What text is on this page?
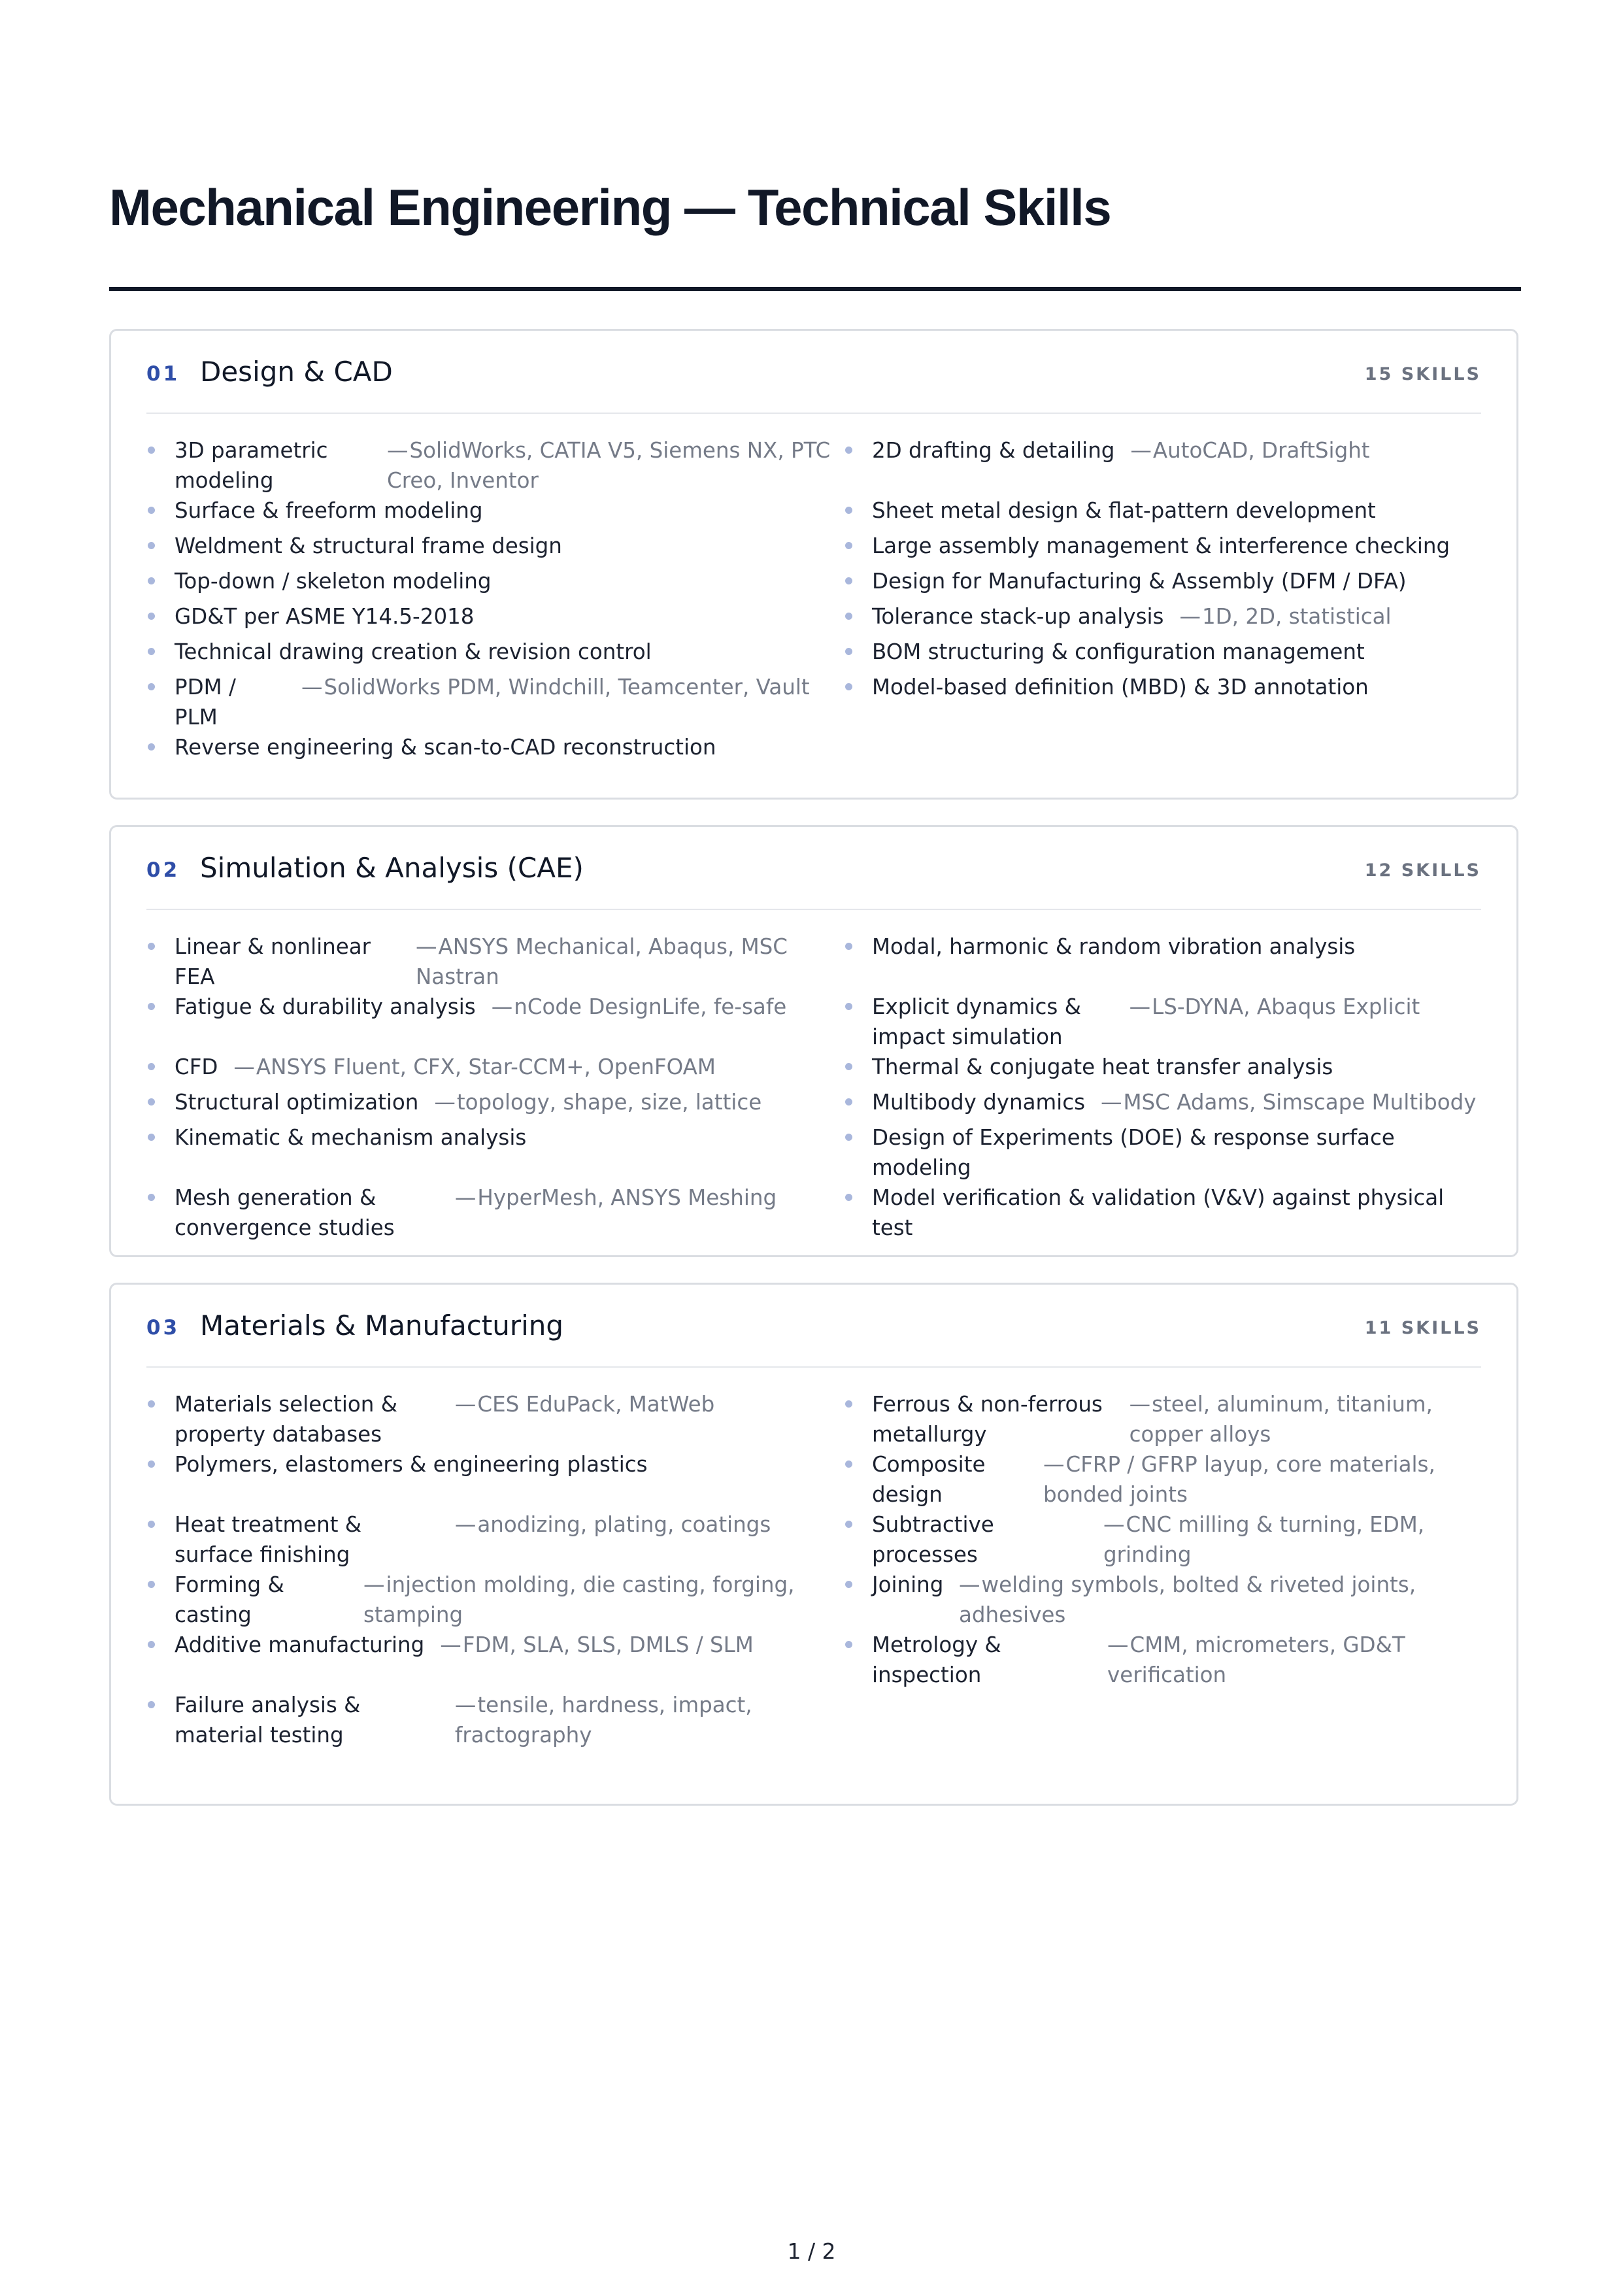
Mechanical Engineering — Technical Skills
01 Design & CAD	15 SKILLS
3D parametric modeling
— SolidWorks, CATIA V5, Siemens NX, PTC Creo, Inventor
2D drafting & detailing	— AutoCAD, DraftSight
Surface & freeform modeling	Sheet metal design & flat-pattern development
Weldment & structural frame design	Large assembly management & interference checking
Top-down / skeleton modeling	Design for Manufacturing & Assembly (DFM / DFA)
GD&T per ASME Y14.5-2018	Tolerance stack-up analysis	— 1D, 2D, statistical
Technical drawing creation & revision control	BOM structuring & configuration management
PDM / PLM
— SolidWorks PDM, Windchill, Teamcenter, Vault	Model-based definition (MBD) & 3D annotation
Reverse engineering & scan-to-CAD reconstruction
02 Simulation & Analysis (CAE)	12 SKILLS
Linear & nonlinear FEA
— ANSYS Mechanical, Abaqus, MSC Nastran
Modal, harmonic & random vibration analysis
Fatigue & durability analysis	— nCode DesignLife, fe-safe	Explicit dynamics & impact simulation
— LS-DYNA, Abaqus Explicit
CFD	— ANSYS Fluent, CFX, Star-CCM+, OpenFOAM	Thermal & conjugate heat transfer analysis
Structural optimization	— topology, shape, size, lattice	Multibody dynamics	— MSC Adams, Simscape Multibody
Kinematic & mechanism analysis	Design of Experiments (DOE) & response surface modeling
Mesh generation & convergence studies
— HyperMesh, ANSYS Meshing	Model verification & validation (V&V) against physical test
03 Materials & Manufacturing	11 SKILLS
Materials selection & property databases
— CES EduPack, MatWeb	Ferrous & non-ferrous metallurgy
— steel, aluminum, titanium, copper alloys
Polymers, elastomers & engineering plastics	Composite design
— CFRP / GFRP layup, core materials, bonded joints
Heat treatment & surface finishing
— anodizing, plating, coatings	Subtractive processes
— CNC milling & turning, EDM, grinding
Forming & casting
— injection molding, die casting, forging, stamping
Joining	— welding symbols, bolted & riveted joints, adhesives
Additive manufacturing	— FDM, SLA, SLS, DMLS / SLM	Metrology & inspection
— CMM, micrometers, GD&T verification
Failure analysis & material testing
— tensile, hardness, impact, fractography
1 / 2
